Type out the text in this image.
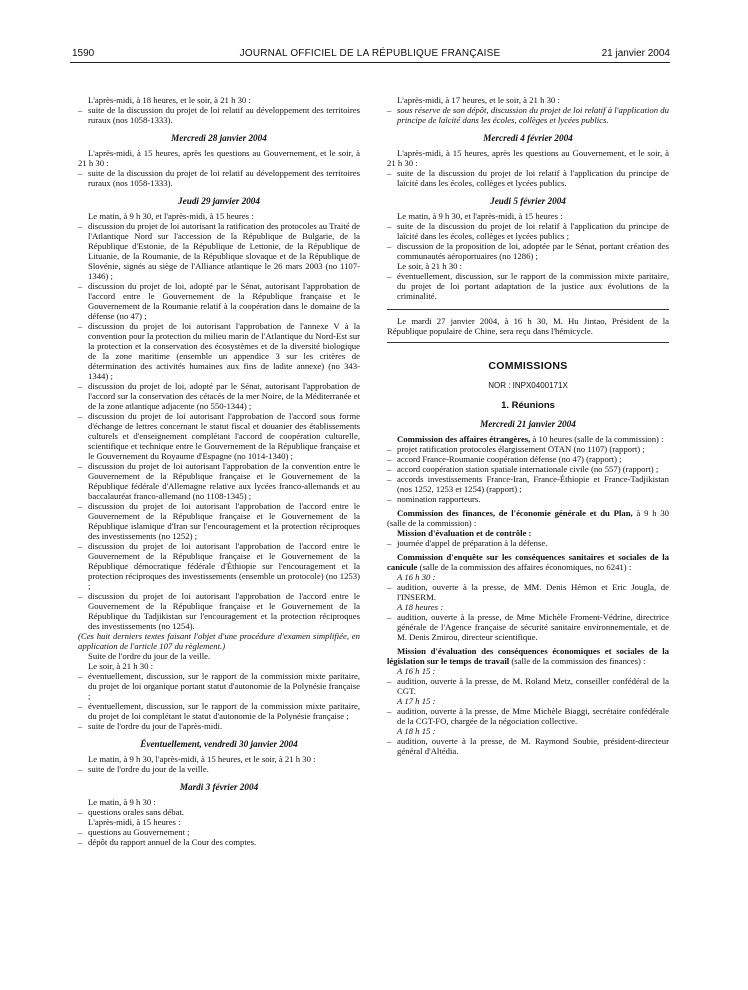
1590	JOURNAL OFFICIEL DE LA RÉPUBLIQUE FRANÇAISE	21 janvier 2004

L'après-midi, à 18 heures, et le soir, à 21 h 30 :

– suite de la discussion du projet de loi relatif au développement des territoires ruraux (nos 1058-1333).

Mercredi 28 janvier 2004

L'après-midi, à 15 heures, après les questions au Gouvernement, et le soir, à 21 h 30 :

– suite de la discussion du projet de loi relatif au développement des territoires ruraux (nos 1058-1333).

Jeudi 29 janvier 2004

Le matin, à 9 h 30, et l'après-midi, à 15 heures :

– discussion du projet de loi autorisant la ratification des protocoles au Traité de l'Atlantique Nord sur l'accession de la République de Bulgarie, de la République d'Estonie, de la République de Lettonie, de la République de Lituanie, de la Roumanie, de la République slovaque et de la République de Slovénie, signés au siège de l'Alliance atlantique le 26 mars 2003 (no 1107-1346) ;

– discussion du projet de loi, adopté par le Sénat, autorisant l'approbation de l'accord entre le Gouvernement de la République française et le Gouvernement de la Roumanie relatif à la coopération dans le domaine de la défense (no 47) ;

– discussion du projet de loi autorisant l'approbation de l'annexe V à la convention pour la protection du milieu marin de l'Atlantique du Nord-Est sur la protection et la conservation des écosystèmes et de la diversité biologique de la zone maritime (ensemble un appendice 3 sur les critères de détermination des activités humaines aux fins de ladite annexe) (no 343-1344) ;

– discussion du projet de loi, adopté par le Sénat, autorisant l'approbation de l'accord sur la conservation des cétacés de la mer Noire, de la Méditerranée et de la zone atlantique adjacente (no 550-1344) ;

– discussion du projet de loi autorisant l'approbation de l'accord sous forme d'échange de lettres concernant le statut fiscal et douanier des établissements culturels et d'enseignement complétant l'accord de coopération culturelle, scientifique et technique entre le Gouvernement de la République française et le Gouvernement du Royaume d'Espagne (no 1014-1340) ;

– discussion du projet de loi autorisant l'approbation de la convention entre le Gouvernement de la République française et le Gouvernement de la République fédérale d'Allemagne relative aux lycées franco-allemands et au baccalauréat franco-allemand (no 1108-1345) ;

– discussion du projet de loi autorisant l'approbation de l'accord entre le Gouvernement de la République française et le Gouvernement de la République islamique d'Iran sur l'encouragement et la protection réciproques des investissements (no 1252) ;

– discussion du projet de loi autorisant l'approbation de l'accord entre le Gouvernement de la République française et le Gouvernement de la République démocratique fédérale d'Éthiopie sur l'encouragement et la protection réciproques des investissements (ensemble un protocole) (no 1253) ;

– discussion du projet de loi autorisant l'approbation de l'accord entre le Gouvernement de la République française et le Gouvernement de la République du Tadjikistan sur l'encouragement et la protection réciproques des investissements (no 1254).

(Ces huit derniers textes faisant l'objet d'une procédure d'examen simplifiée, en application de l'article 107 du règlement.)

Suite de l'ordre du jour de la veille.

Le soir, à 21 h 30 :

– éventuellement, discussion, sur le rapport de la commission mixte paritaire, du projet de loi organique portant statut d'autonomie de la Polynésie française ;

– éventuellement, discussion, sur le rapport de la commission mixte paritaire, du projet de loi complétant le statut d'autonomie de la Polynésie française ;

– suite de l'ordre du jour de l'après-midi.

Éventuellement, vendredi 30 janvier 2004

Le matin, à 9 h 30, l'après-midi, à 15 heures, et le soir, à 21 h 30 :

– suite de l'ordre du jour de la veille.

Mardi 3 février 2004

Le matin, à 9 h 30 :

– questions orales sans débat.

L'après-midi, à 15 heures :

– questions au Gouvernement ;

– dépôt du rapport annuel de la Cour des comptes.

L'après-midi, à 17 heures, et le soir, à 21 h 30 :

– sous réserve de son dépôt, discussion du projet de loi relatif à l'application du principe de laïcité dans les écoles, collèges et lycées publics.

Mercredi 4 février 2004

L'après-midi, à 15 heures, après les questions au Gouvernement, et le soir, à 21 h 30 :

– suite de la discussion du projet de loi relatif à l'application du principe de laïcité dans les écoles, collèges et lycées publics.

Jeudi 5 février 2004

Le matin, à 9 h 30, et l'après-midi, à 15 heures :

– suite de la discussion du projet de loi relatif à l'application du principe de laïcité dans les écoles, collèges et lycées publics ;

– discussion de la proposition de loi, adoptée par le Sénat, portant création des communautés aéroportuaires (no 1286) ;

Le soir, à 21 h 30 :

– éventuellement, discussion, sur le rapport de la commission mixte paritaire, du projet de loi portant adaptation de la justice aux évolutions de la criminalité.

Le mardi 27 janvier 2004, à 16 h 30, M. Hu Jintao, Président de la République populaire de Chine, sera reçu dans l'hémicycle.

COMMISSIONS
NOR : INPX0400171X
1. Réunions
Mercredi 21 janvier 2004

Commission des affaires étrangères, à 10 heures (salle de la commission) :

– projet ratification protocoles élargissement OTAN (no 1107) (rapport) ;

– accord France-Roumanie coopération défense (no 47) (rapport) ;

– accord coopération station spatiale internationale civile (no 557) (rapport) ;

– accords investissements France-Iran, France-Éthiopie et France-Tadjikistan (nos 1252, 1253 et 1254) (rapport) ;

– nomination rapporteurs.

Commission des finances, de l'économie générale et du Plan, à 9 h 30 (salle de la commission) :

Mission d'évaluation et de contrôle :

– journée d'appel de préparation à la défense.

Commission d'enquête sur les conséquences sanitaires et sociales de la canicule (salle de la commission des affaires économiques, no 6241) :

A 16 h 30 :

– audition, ouverte à la presse, de MM. Denis Hémon et Eric Jougla, de l'INSERM.

A 18 heures :

– audition, ouverte à la presse, de Mme Michèle Froment-Védrine, directrice générale de l'Agence française de sécurité sanitaire environnementale, et de M. Denis Zmirou, directeur scientifique.

Mission d'évaluation des conséquences économiques et sociales de la législation sur le temps de travail (salle de la commission des finances) :

A 16 h 15 :

– audition, ouverte à la presse, de M. Roland Metz, conseiller confédéral de la CGT.

A 17 h 15 :

– audition, ouverte à la presse, de Mme Michèle Biaggi, secrétaire confédérale de la CGT-FO, chargée de la négociation collective.

A 18 h 15 :

– audition, ouverte à la presse, de M. Raymond Soubie, président-directeur général d'Altédia.
